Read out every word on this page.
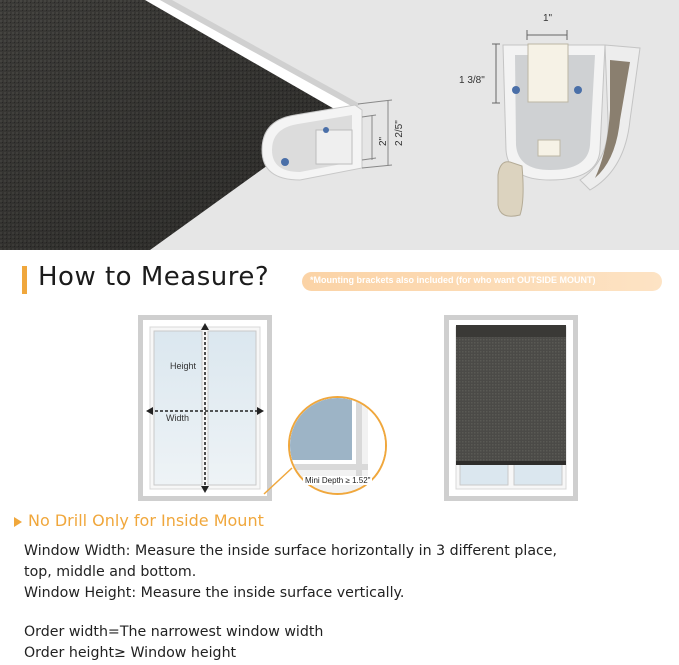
2 2/5"
2"
1"
1 3/8"
How to Measure?	*Mounting brackets also included (for who want OUTSIDE MOUNT)
Height
Width
Mini Depth ≥ 1.52"
No Drill Only for Inside Mount
Window Width: Measure the inside surface horizontally in 3 different place,
top, middle and bottom.
Window Height: Measure the inside surface vertically.
Order width=The narrowest window width
Order height≥ Window height
